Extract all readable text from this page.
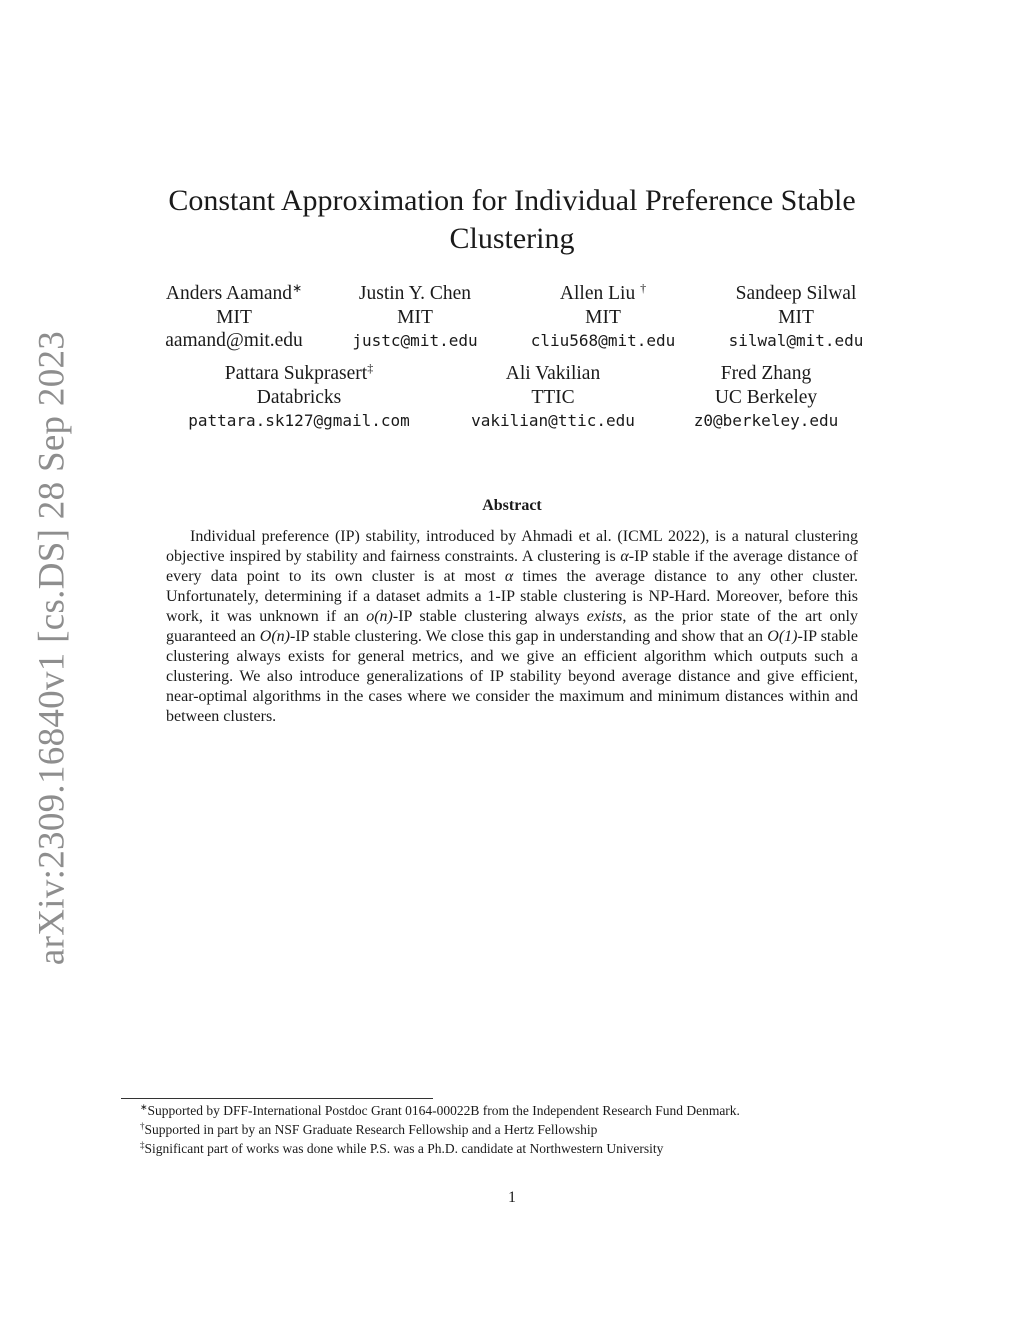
arXiv:2309.16840v1 [cs.DS] 28 Sep 2023
Constant Approximation for Individual Preference Stable
Clustering
Anders Aamand∗
MIT
aamand@mit.edu
Justin Y. Chen
MIT
justc@mit.edu
Allen Liu †
MIT
cliu568@mit.edu
Sandeep Silwal
MIT
silwal@mit.edu
Pattara Sukprasert‡
Databricks
pattara.sk127@gmail.com
Ali Vakilian
TTIC
vakilian@ttic.edu
Fred Zhang
UC Berkeley
z0@berkeley.edu
Abstract

Individual preference (IP) stability, introduced by Ahmadi et al. (ICML 2022), is a natural clustering objective inspired by stability and fairness constraints. A clustering is α-IP stable if the average distance of every data point to its own cluster is at most α times the average distance to any other cluster. Unfortunately, determining if a dataset admits a 1-IP stable clustering is NP-Hard. Moreover, before this work, it was unknown if an o(n)-IP stable clustering always exists, as the prior state of the art only guaranteed an O(n)-IP stable clustering. We close this gap in understanding and show that an O(1)-IP stable clustering always exists for general metrics, and we give an efficient algorithm which outputs such a clustering. We also introduce generalizations of IP stability beyond average distance and give efficient, near-optimal algorithms in the cases where we consider the maximum and minimum distances within and between clusters.

∗Supported by DFF-International Postdoc Grant 0164-00022B from the Independent Research Fund Denmark.
†Supported in part by an NSF Graduate Research Fellowship and a Hertz Fellowship
‡Significant part of works was done while P.S. was a Ph.D. candidate at Northwestern University
1
